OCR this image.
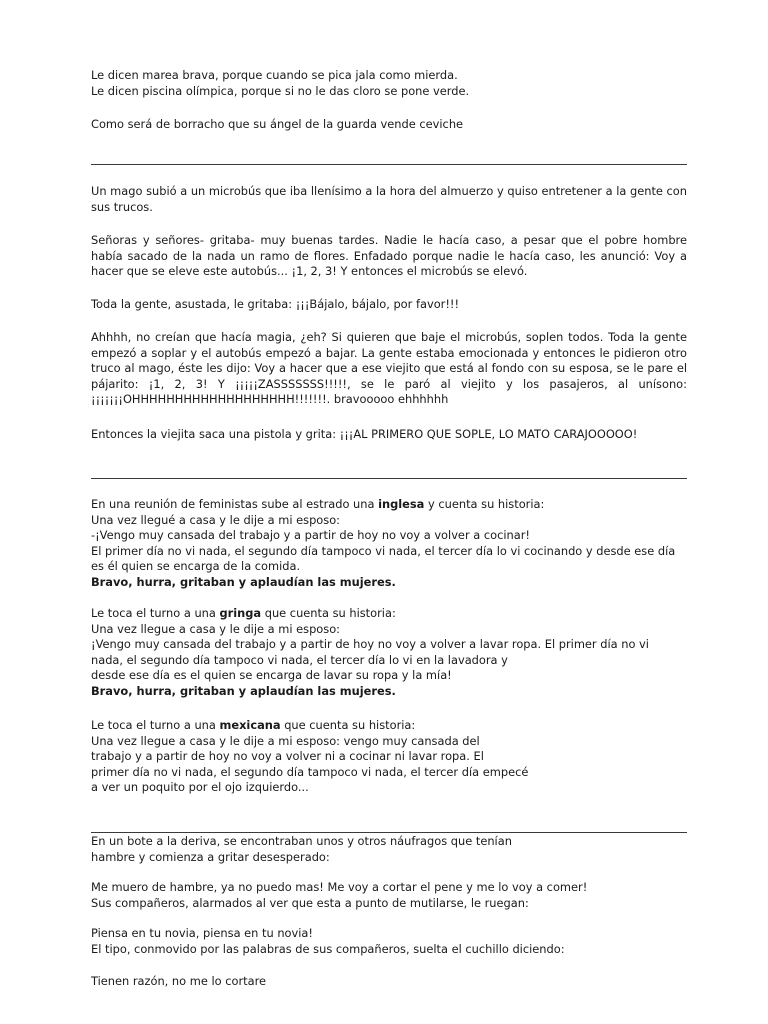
Le dicen marea brava, porque cuando se pica jala como mierda.
Le dicen piscina olímpica, porque si no le das cloro se pone verde.
Como será de borracho que su ángel de la guarda vende ceviche
Un mago subió a un microbús que iba llenísimo a la hora del almuerzo y quiso entretener a la gente con sus trucos.
Señoras y señores- gritaba- muy buenas tardes. Nadie le hacía caso, a pesar que el pobre hombre había sacado de la nada un ramo de flores. Enfadado porque nadie le hacía caso, les anunció: Voy a hacer que se eleve este autobús... ¡1, 2, 3! Y entonces el microbús se elevó.
Toda la gente, asustada, le gritaba: ¡¡¡Bájalo, bájalo, por favor!!!
Ahhhh, no creían que hacía magia, ¿eh? Si quieren que baje el microbús, soplen todos. Toda la gente empezó a soplar y el autobús empezó a bajar. La gente estaba emocionada y entonces le pidieron otro truco al mago, éste les dijo: Voy a hacer que a ese viejito que está al fondo con su esposa, se le pare el pájarito: ¡1, 2, 3! Y ¡¡¡¡¡ZASSSSSSS!!!!!, se le paró al viejito y los pasajeros, al unísono: ¡¡¡¡¡¡¡OHHHHHHHHHHHHHHHHHHH!!!!!!!. bravooooo ehhhhhh
Entonces la viejita saca una pistola y grita: ¡¡¡AL PRIMERO QUE SOPLE, LO MATO CARAJOOOOO!
En una reunión de feministas sube al estrado una inglesa y cuenta su historia:
Una vez llegué a casa y le dije a mi esposo:
-¡Vengo muy cansada del trabajo y a partir de hoy no voy a volver a cocinar!
El primer día no vi nada, el segundo día tampoco vi nada, el tercer día lo vi cocinando y desde ese día
es él quien se encarga de la comida.
Bravo, hurra, gritaban y aplaudían las mujeres.
Le toca el turno a una gringa que cuenta su historia:
Una vez llegue a casa y le dije a mi esposo:
¡Vengo muy cansada del trabajo y a partir de hoy no voy a volver a lavar ropa. El primer día no vi
nada, el segundo día tampoco vi nada, el tercer día lo vi en la lavadora y
desde ese día es el quien se encarga de lavar su ropa y la mía!
Bravo, hurra, gritaban y aplaudían las mujeres.
Le toca el turno a una mexicana que cuenta su historia:
Una vez llegue a casa y le dije a mi esposo: vengo muy cansada del
trabajo y a partir de hoy no voy a volver ni a cocinar ni lavar ropa. El
primer día no vi nada, el segundo día tampoco vi nada, el tercer día empecé
a ver un poquito por el ojo izquierdo...
En un bote a la deriva, se encontraban unos y otros náufragos que tenían
hambre y comienza a gritar desesperado:
Me muero de hambre, ya no puedo mas! Me voy a cortar el pene y me lo voy a comer!
Sus compañeros, alarmados al ver que esta a punto de mutilarse, le ruegan:
Piensa en tu novia, piensa en tu novia!
El tipo, conmovido por las palabras de sus compañeros, suelta el cuchillo diciendo:
Tienen razón, no me lo cortare
